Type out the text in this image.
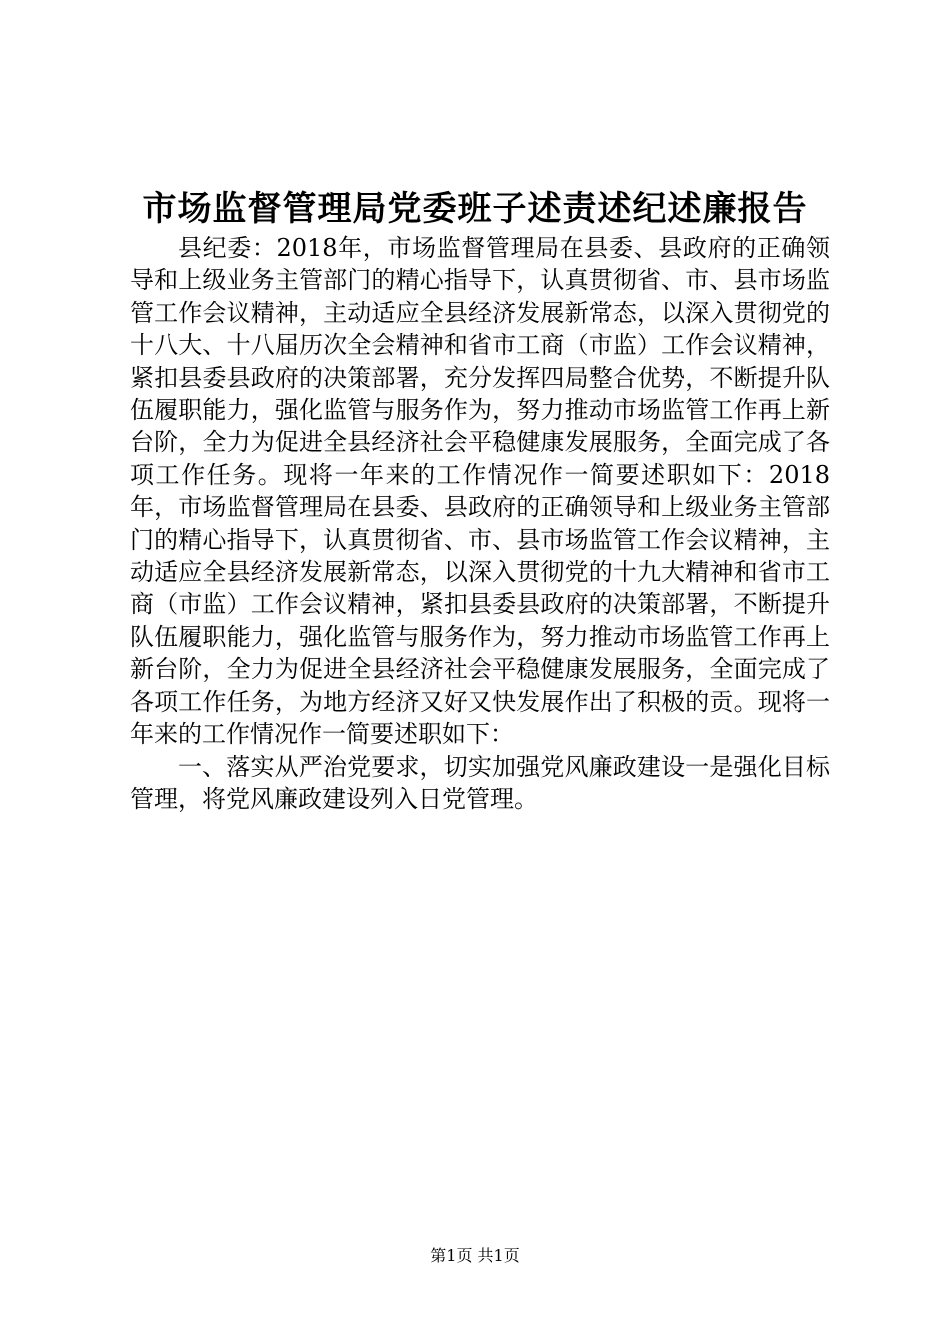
市场监督管理局党委班子述责述纪述廉报告

县纪委：2018年，市场监督管理局在县委、县政府的正确领导和上级业务主管部门的精心指导下，认真贯彻省、市、县市场监管工作会议精神，主动适应全县经济发展新常态，以深入贯彻党的十八大、十八届历次全会精神和省市工商（市监）工作会议精神，紧扣县委县政府的决策部署，充分发挥四局整合优势，不断提升队伍履职能力，强化监管与服务作为，努力推动市场监管工作再上新台阶，全力为促进全县经济社会平稳健康发展服务，全面完成了各项工作任务。现将一年来的工作情况作一简要述职如下：2018年，市场监督管理局在县委、县政府的正确领导和上级业务主管部门的精心指导下，认真贯彻省、市、县市场监管工作会议精神，主动适应全县经济发展新常态，以深入贯彻党的十九大精神和省市工商（市监）工作会议精神，紧扣县委县政府的决策部署，不断提升队伍履职能力，强化监管与服务作为，努力推动市场监管工作再上新台阶，全力为促进全县经济社会平稳健康发展服务，全面完成了各项工作任务，为地方经济又好又快发展作出了积极的贡。现将一年来的工作情况作一简要述职如下：

一、落实从严治党要求，切实加强党风廉政建设一是强化目标管理，将党风廉政建设列入日党管理。

第1页 共1页
